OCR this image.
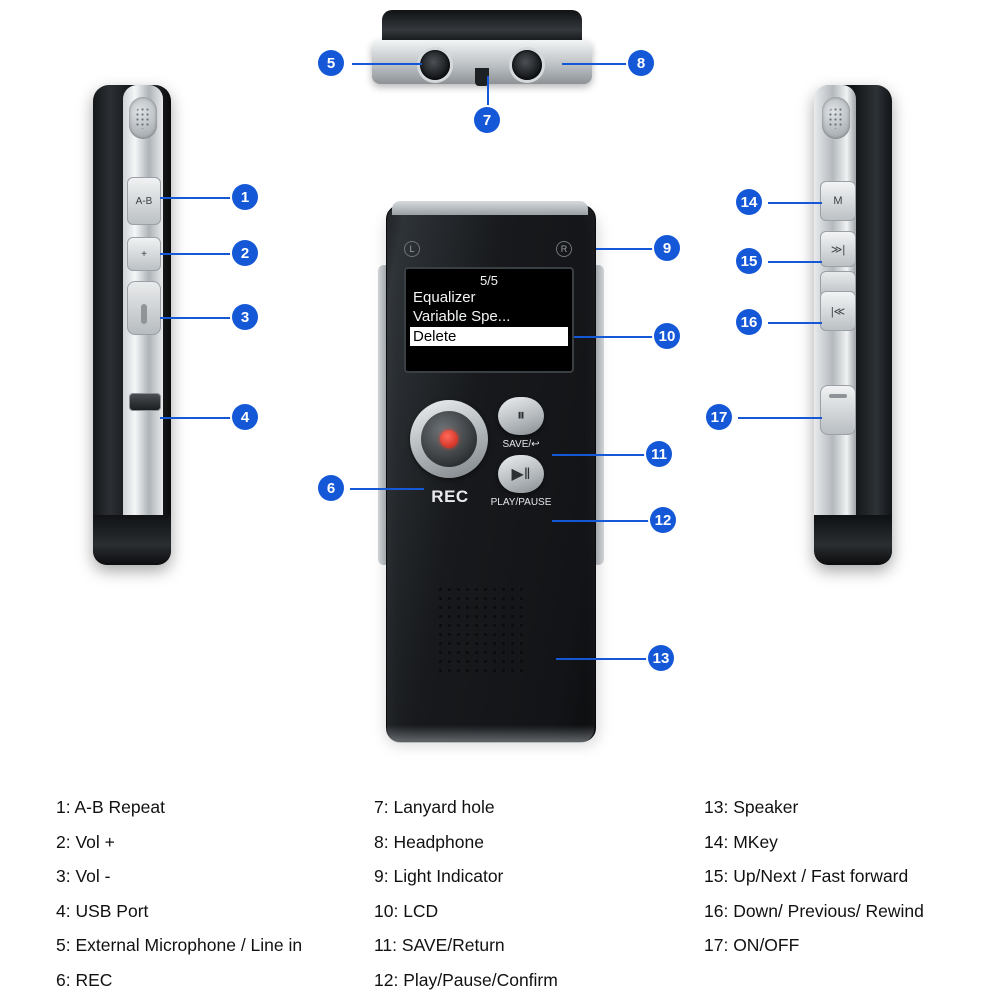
A-B
+
1
2
3
4
5	8
7
L	R
5/5
Equalizer
Variable Spe...
Delete
REC
⏸
SAVE/↩
▶‖
PLAY/PAUSE
9
10
11
12
6
13
M
≫|
|≪
14
15
16
17
1: A-B Repeat
2: Vol +
3: Vol -
4: USB Port
5: External Microphone / Line in
6: REC
7: Lanyard hole
8: Headphone
9: Light Indicator
10: LCD
11: SAVE/Return
12: Play/Pause/Confirm
13: Speaker
14: MKey
15: Up/Next / Fast forward
16: Down/ Previous/ Rewind
17: ON/OFF
